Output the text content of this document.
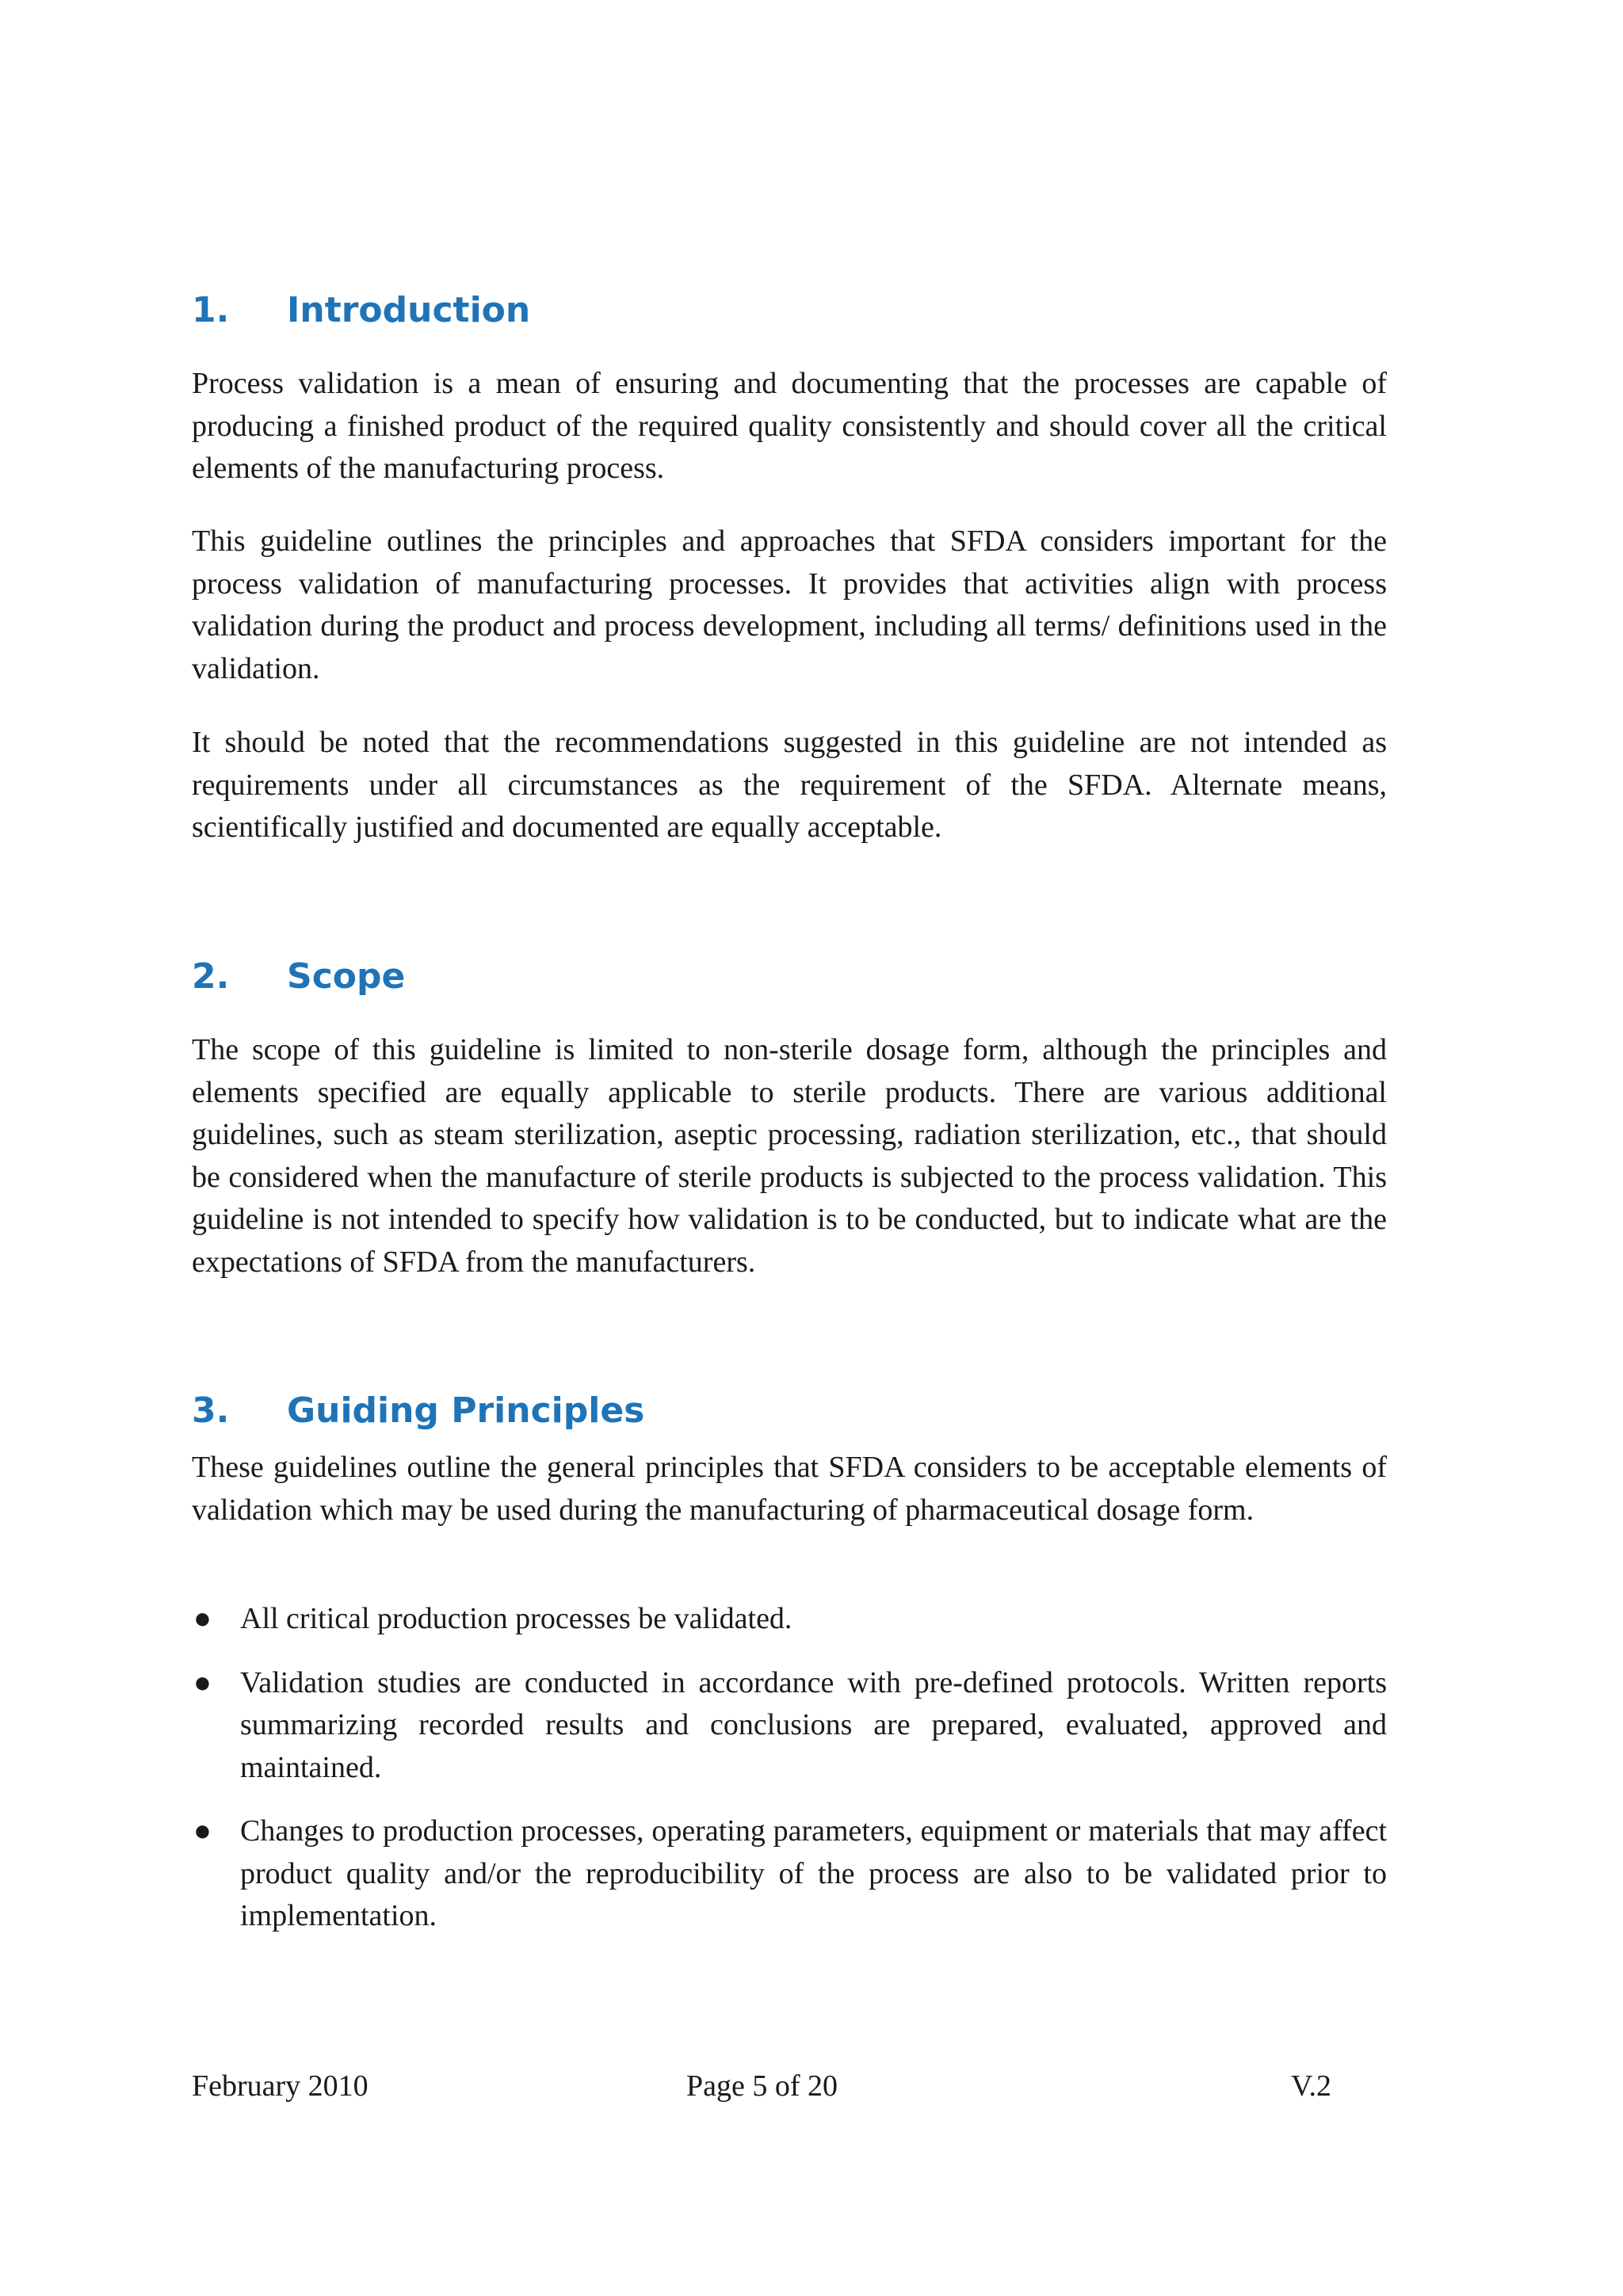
1. Introduction

Process validation is a mean of ensuring and documenting that the processes are capable of producing a finished product of the required quality consistently and should cover all the critical elements of the manufacturing process.

This guideline outlines the principles and approaches that SFDA considers important for the process validation of manufacturing processes. It provides that activities align with process validation during the product and process development, including all terms/ definitions used in the validation.

It should be noted that the recommendations suggested in this guideline are not intended as requirements under all circumstances as the requirement of the SFDA. Alternate means, scientifically justified and documented are equally acceptable.

2. Scope

The scope of this guideline is limited to non-sterile dosage form, although the principles and elements specified are equally applicable to sterile products. There are various additional guidelines, such as steam sterilization, aseptic processing, radiation sterilization, etc., that should be considered when the manufacture of sterile products is subjected to the process validation. This guideline is not intended to specify how validation is to be conducted, but to indicate what are the expectations of SFDA from the manufacturers.

3. Guiding Principles

These guidelines outline the general principles that SFDA considers to be acceptable elements of validation which may be used during the manufacturing of pharmaceutical dosage form.

● All critical production processes be validated.
● Validation studies are conducted in accordance with pre-defined protocols. Written reports summarizing recorded results and conclusions are prepared, evaluated, approved and maintained.
● Changes to production processes, operating parameters, equipment or materials that may affect product quality and/or the reproducibility of the process are also to be validated prior to implementation.
February 2010	Page 5 of 20	V.2
